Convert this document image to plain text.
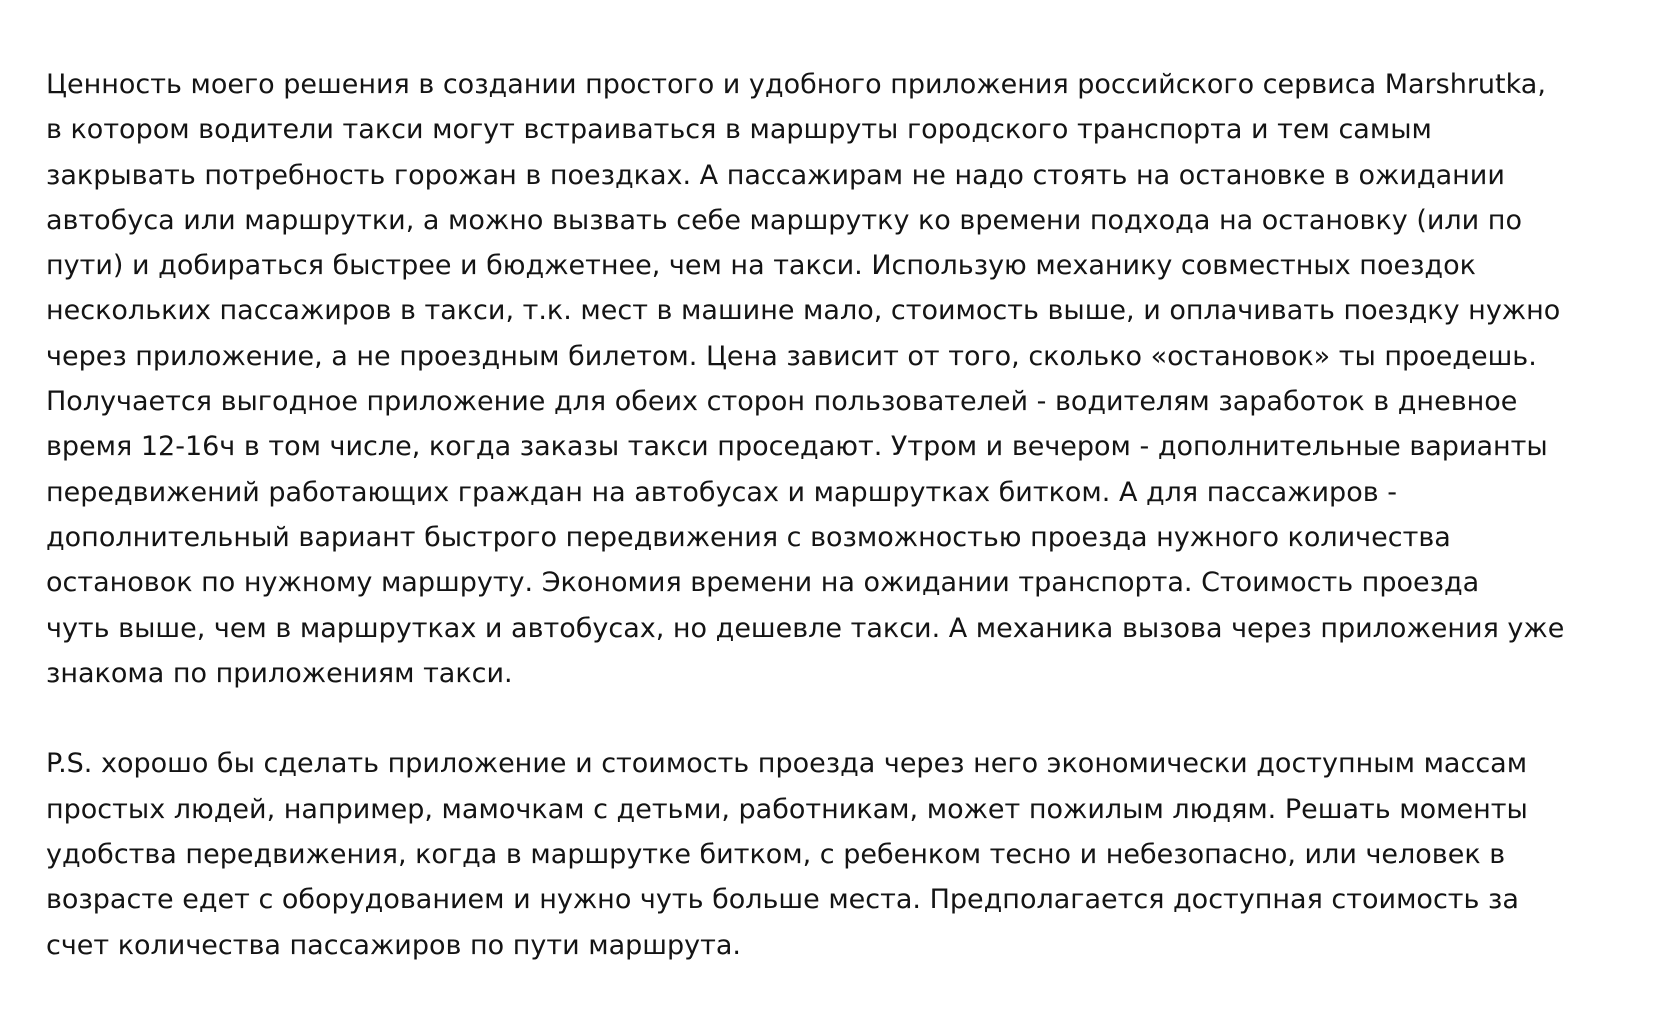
Ценность моего решения в создании простого и удобного приложения российского сервиса Marshrutka,
в котором водители такси могут встраиваться в маршруты городского транспорта и тем самым
закрывать потребность горожан в поездках. А пассажирам не надо стоять на остановке в ожидании
автобуса или маршрутки, а можно вызвать себе маршрутку ко времени подхода на остановку (или по
пути) и добираться быстрее и бюджетнее, чем на такси. Использую механику совместных поездок
нескольких пассажиров в такси, т.к. мест в машине мало, стоимость выше, и оплачивать поездку нужно
через приложение, а не проездным билетом. Цена зависит от того, сколько «остановок» ты проедешь.
Получается выгодное приложение для обеих сторон пользователей - водителям заработок в дневное
время 12-16ч в том числе, когда заказы такси проседают. Утром и вечером - дополнительные варианты
передвижений работающих граждан на автобусах и маршрутках битком. А для пассажиров -
дополнительный вариант быстрого передвижения с возможностью проезда нужного количества
остановок по нужному маршруту. Экономия времени на ожидании транспорта. Стоимость проезда
чуть выше, чем в маршрутках и автобусах, но дешевле такси. А механика вызова через приложения уже
знакома по приложениям такси.

P.S. хорошо бы сделать приложение и стоимость проезда через него экономически доступным массам
простых людей, например, мамочкам с детьми, работникам, может пожилым людям. Решать моменты
удобства передвижения, когда в маршрутке битком, с ребенком тесно и небезопасно, или человек в
возрасте едет с оборудованием и нужно чуть больше места. Предполагается доступная стоимость за
счет количества пассажиров по пути маршрута.
